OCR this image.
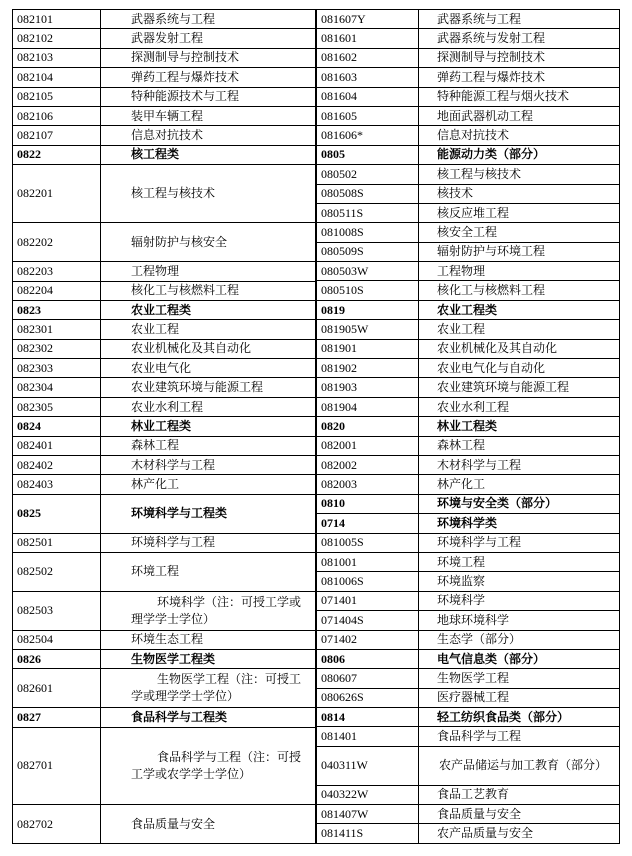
082101	武器系统与工程
082102	武器发射工程
082103	探测制导与控制技术
082104	弹药工程与爆炸技术
082105	特种能源技术与工程
082106	装甲车辆工程
082107	信息对抗技术
0822	核工程类
082201	核工程与核技术
082202	辐射防护与核安全
082203	工程物理
082204	核化工与核燃料工程
0823	农业工程类
082301	农业工程
082302	农业机械化及其自动化
082303	农业电气化
082304	农业建筑环境与能源工程
082305	农业水利工程
0824	林业工程类
082401	森林工程
082402	木材科学与工程
082403	林产化工
0825	环境科学与工程类
082501	环境科学与工程
082502	环境工程
082503	环境科学（注：可授工学或理学学士学位）
082504	环境生态工程
0826	生物医学工程类
082601	生物医学工程（注：可授工学或理学学士学位）
0827	食品科学与工程类
082701	食品科学与工程（注：可授工学或农学学士学位）
082702	食品质量与安全
081607Y	武器系统与工程
081601	武器系统与发射工程
081602	探测制导与控制技术
081603	弹药工程与爆炸技术
081604	特种能源工程与烟火技术
081605	地面武器机动工程
081606*	信息对抗技术
0805	能源动力类（部分）
080502	核工程与核技术
080508S	核技术
080511S	核反应堆工程
081008S	核安全工程
080509S	辐射防护与环境工程
080503W	工程物理
080510S	核化工与核燃料工程
0819	农业工程类
081905W	农业工程
081901	农业机械化及其自动化
081902	农业电气化与自动化
081903	农业建筑环境与能源工程
081904	农业水利工程
0820	林业工程类
082001	森林工程
082002	木材科学与工程
082003	林产化工
0810	环境与安全类（部分）
0714	环境科学类
081005S	环境科学与工程
081001	环境工程
081006S	环境监察
071401	环境科学
071404S	地球环境科学
071402	生态学（部分）
0806	电气信息类（部分）
080607	生物医学工程
080626S	医疗器械工程
0814	轻工纺织食品类（部分）
081401	食品科学与工程
040311W	农产品储运与加工教育（部分）
040322W	食品工艺教育
081407W	食品质量与安全
081411S	农产品质量与安全
